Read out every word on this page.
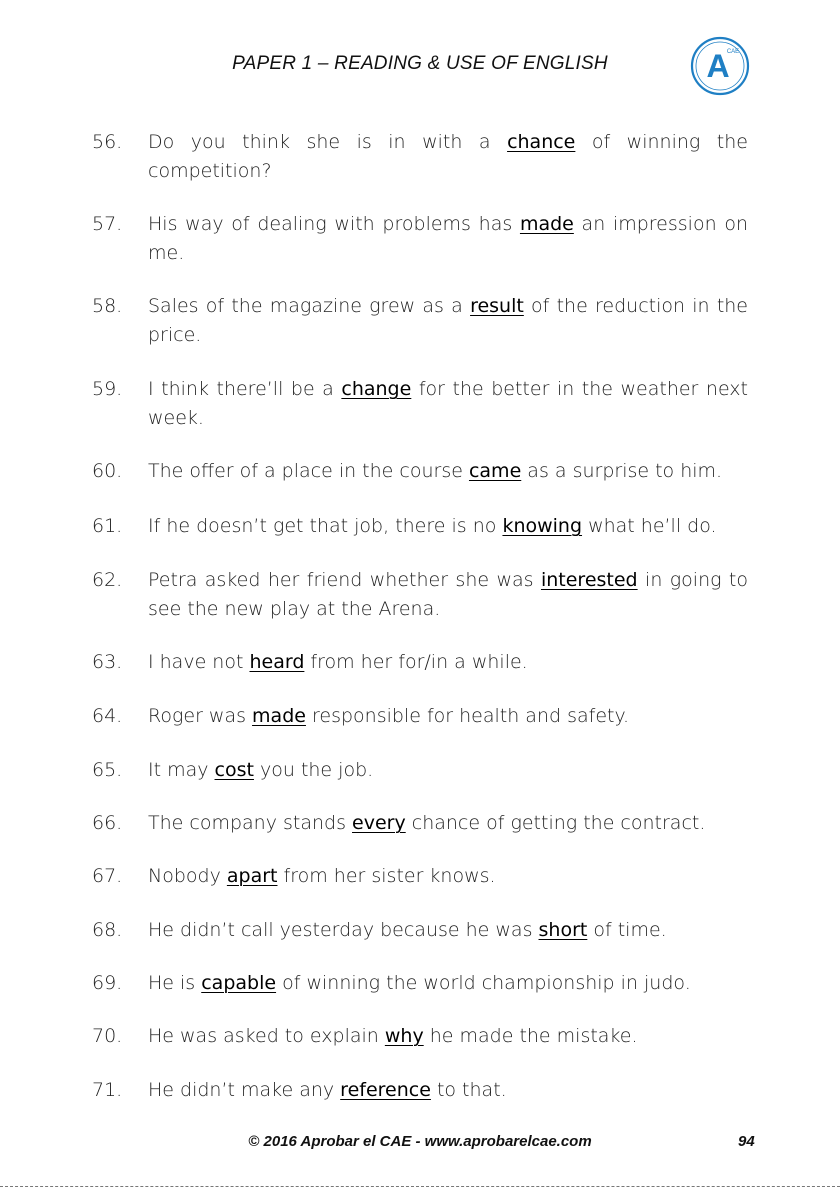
PAPER 1 – READING & USE OF ENGLISH	A
CAE
56.	Do you think she is in with a chance of winning the competition?
57.	His way of dealing with problems has made an impression on me.
58.	Sales of the magazine grew as a result of the reduction in the price.
59.	I think there’ll be a change for the better in the weather next week.
60.	The offer of a place in the course came as a surprise to him.
61.	If he doesn’t get that job, there is no knowing what he’ll do.
62.	Petra asked her friend whether she was interested in going to see the new play at the Arena.
63.	I have not heard from her for/in a while.
64.	Roger was made responsible for health and safety.
65.	It may cost you the job.
66.	The company stands every chance of getting the contract.
67.	Nobody apart from her sister knows.
68.	He didn’t call yesterday because he was short of time.
69.	He is capable of winning the world championship in judo.
70.	He was asked to explain why he made the mistake.
71.	He didn’t make any reference to that.
© 2016 Aprobar el CAE - www.aprobarelcae.com	94
